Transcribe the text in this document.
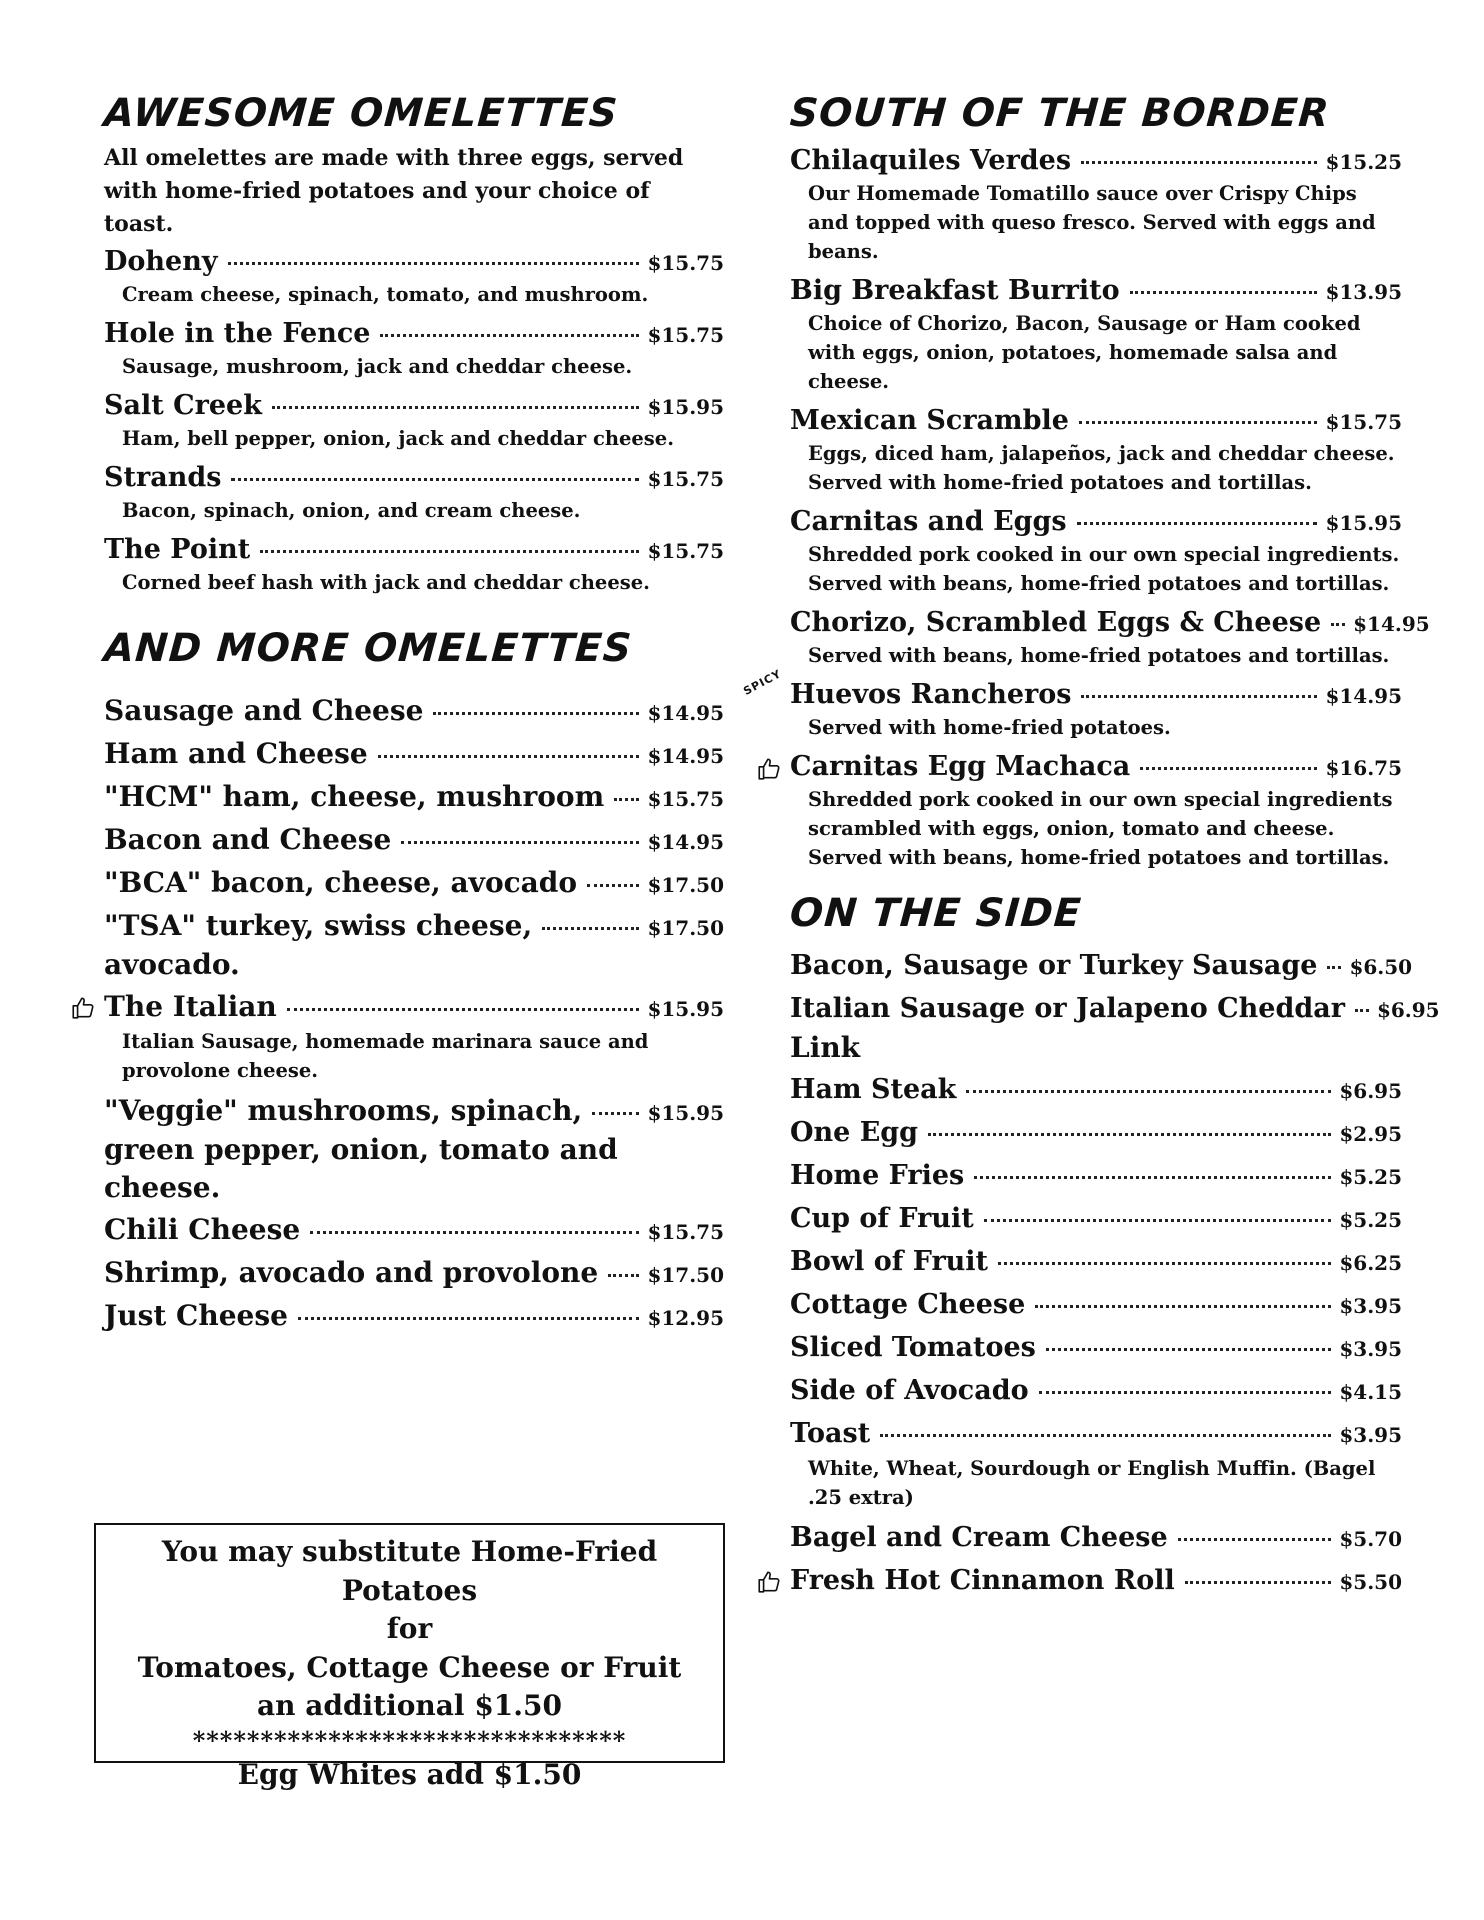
AWESOME OMELETTES

All omelettes are made with three eggs, served with home-fried potatoes and your choice of toast.

Doheny	$15.75
Cream cheese, spinach, tomato, and mushroom.
Hole in the Fence	$15.75
Sausage, mushroom, jack and cheddar cheese.
Salt Creek	$15.95
Ham, bell pepper, onion, jack and cheddar cheese.
Strands	$15.75
Bacon, spinach, onion, and cream cheese.
The Point	$15.75
Corned beef hash with jack and cheddar cheese.
AND MORE OMELETTES
Sausage and Cheese	$14.95
Ham and Cheese	$14.95
"HCM" ham, cheese, mushroom $15.75
Bacon and Cheese	$14.95
"BCA" bacon, cheese, avocado	$17.50
"TSA" turkey, swiss cheese,	$17.50
avocado.
The Italian	$15.95
Italian Sausage, homemade marinara sauce and provolone cheese.
"Veggie" mushrooms, spinach,	$15.95
green pepper, onion, tomato and cheese.
Chili Cheese	$15.75
Shrimp, avocado and provolone $17.50
Just Cheese	$12.95
You may substitute Home-Fried Potatoes
for
Tomatoes, Cottage Cheese or Fruit
an additional $1.50
********************************
Egg Whites add $1.50
SOUTH OF THE BORDER
Chilaquiles Verdes	$15.25
Our Homemade Tomatillo sauce over Crispy Chips and topped with queso fresco. Served with eggs and beans.
Big Breakfast Burrito	$13.95
Choice of Chorizo, Bacon, Sausage or Ham cooked with eggs, onion, potatoes, homemade salsa and cheese.
Mexican Scramble	$15.75
Eggs, diced ham, jalapeños, jack and cheddar cheese. Served with home-fried potatoes and tortillas.
Carnitas and Eggs	$15.95
Shredded pork cooked in our own special ingredients. Served with beans, home-fried potatoes and tortillas.
Chorizo, Scrambled Eggs & Cheese $14.95
Served with beans, home-fried potatoes and tortillas.
SPICY Huevos Rancheros	$14.95
Served with home-fried potatoes.
Carnitas Egg Machaca	$16.75
Shredded pork cooked in our own special ingredients scrambled with eggs, onion, tomato and cheese. Served with beans, home-fried potatoes and tortillas.
ON THE SIDE
Bacon, Sausage or Turkey Sausage $6.50
Italian Sausage or Jalapeno Cheddar $6.95
Link
Ham Steak	$6.95
One Egg	$2.95
Home Fries	$5.25
Cup of Fruit	$5.25
Bowl of Fruit	$6.25
Cottage Cheese	$3.95
Sliced Tomatoes	$3.95
Side of Avocado	$4.15
Toast	$3.95
White, Wheat, Sourdough or English Muffin. (Bagel .25 extra)
Bagel and Cream Cheese	$5.70
Fresh Hot Cinnamon Roll	$5.50
